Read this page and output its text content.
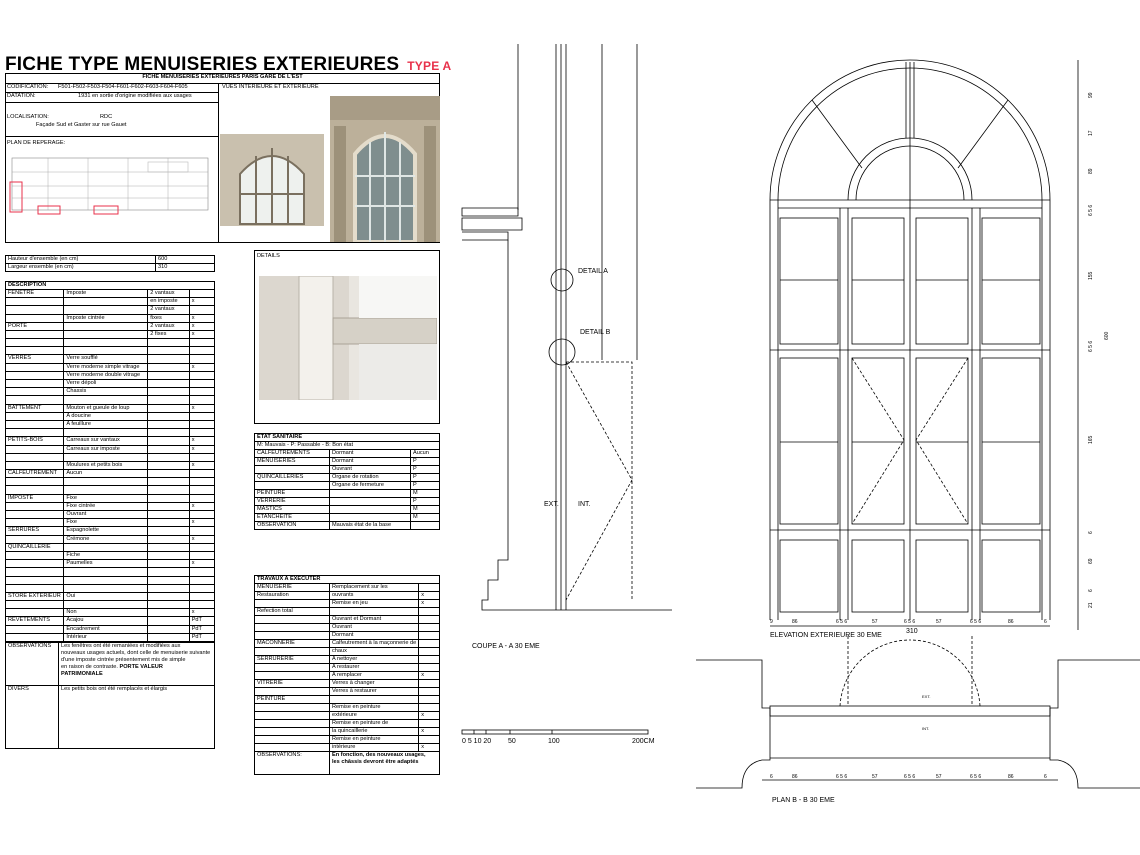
FICHE TYPE MENUISERIES EXTERIEURES TYPE A
FICHE MENUISERIES EXTERIEURES PARIS GARE DE L'EST
CODIFICATION: F501-F502-F503-F504-F601-F602-F603-F604-F605
DATATION:	1931 en sortie d'origine modifiées aux usages
VUES INTERIEURE ET EXTERIEURE
LOCALISATION:	RDC
Façade Sud et Gaster sur rue Gauet
PLAN DE REPERAGE:
Hauteur d'ensemble (en cm)	600
Largeur ensemble (en cm)	310
DESCRIPTION			
FENETRE	Imposte	2 vantaux	
		en imposte	x
		2 vantaux	
	Imposte cintrée	fixes	x
PORTE		2 vantaux	x
		2 fixes	x

VERRES	Verre soufflé		
	Verre moderne simple vitrage		x
	Verre moderne double vitrage		
	Verre dépoli		
	Chassis		

BATTEMENT	Mouton et gueule de loup		x
	A doucine		
	A feuillure		

PETITS-BOIS	Carreaux sur vantaux		x
	Carreaux sur imposte		x

	Moulures et petits bois		x
CALFEUTREMENT	Aucun		

IMPOSTE	Fixe		
	Fixe cintrée		x
	Ouvrant		
	Fixe		x
SERRURES	Espagnolette		
	Crémone		x
QUINCAILLERIE			
	Fiche		
	Paumelles		x

STORE EXTERIEUR	Oui		

	Non		x
REVETEMENTS	Acajou		PdT
	Encadrement		PdT
	Intérieur		PdT
OBSERVATIONS	Les fenêtres ont été remaniées et modifiées aux
nouveaux usages actuels, dont celle de menuiserie suivante
d'une imposte cintrée présentement mis de simple
en raison de contraste. PORTE VALEUR
PATRIMONIALE

DIVERS	Les petits bois ont été remplacés et élargis
DETAILS
ETAT SANITAIRE		
M: Mauvais - P: Passable - B: Bon état		
CALFEUTREMENTS	Dormant	Aucun
MENUISERIES	Dormant	P
	Ouvrant	P
QUINCAILLERIES	Organe de rotation	P
	Organe de fermeture	P
PEINTURE		M
VERRERIE		P
MASTICS		M
ETANCHEITE		M
OBSERVATION	Mauvais état de la base	
TRAVAUX A EXECUTER		
MENUISERIE	Remplacement sur les	
Restauration	ouvrants	x
	Remise en jeu	x
Refection total		
	Ouvrant et Dormant	
	Ouvrant	
	Dormant	
MACONNERIE	Calfeutrement à la maçonnerie de	
	chaux	
SERRURERIE	A nettoyer	
	A restaurer	
	A remplacer	x
VITRERIE	Verres à changer	
	Verres à restaurer	
PEINTURE		
	Remise en peinture	
	extérieure	x
	Remise en peinture de	
	la quincaillerie	x
	Remise en peinture	
	intérieure	x
OBSERVATIONS:	En fonction, des nouveaux usages,
les châssis devront être adaptés	
DETAIL A
DETAIL B
EXT.	INT.
COUPE A - A 30 EME
ELEVATION EXTERIEURE 30 EME
PLAN B - B 30 EME
0 5 10 20 50	100	200CM
310
EXT.
INT.
9	86	6 5 6	57	6 5 6	57	6 5 6	86	6
99
17
89
6 5 6
155
6 5 6
165
6
69
6
21
6	86	6 5 6	57	6 5 6	57	6 5 6	86	6
600
